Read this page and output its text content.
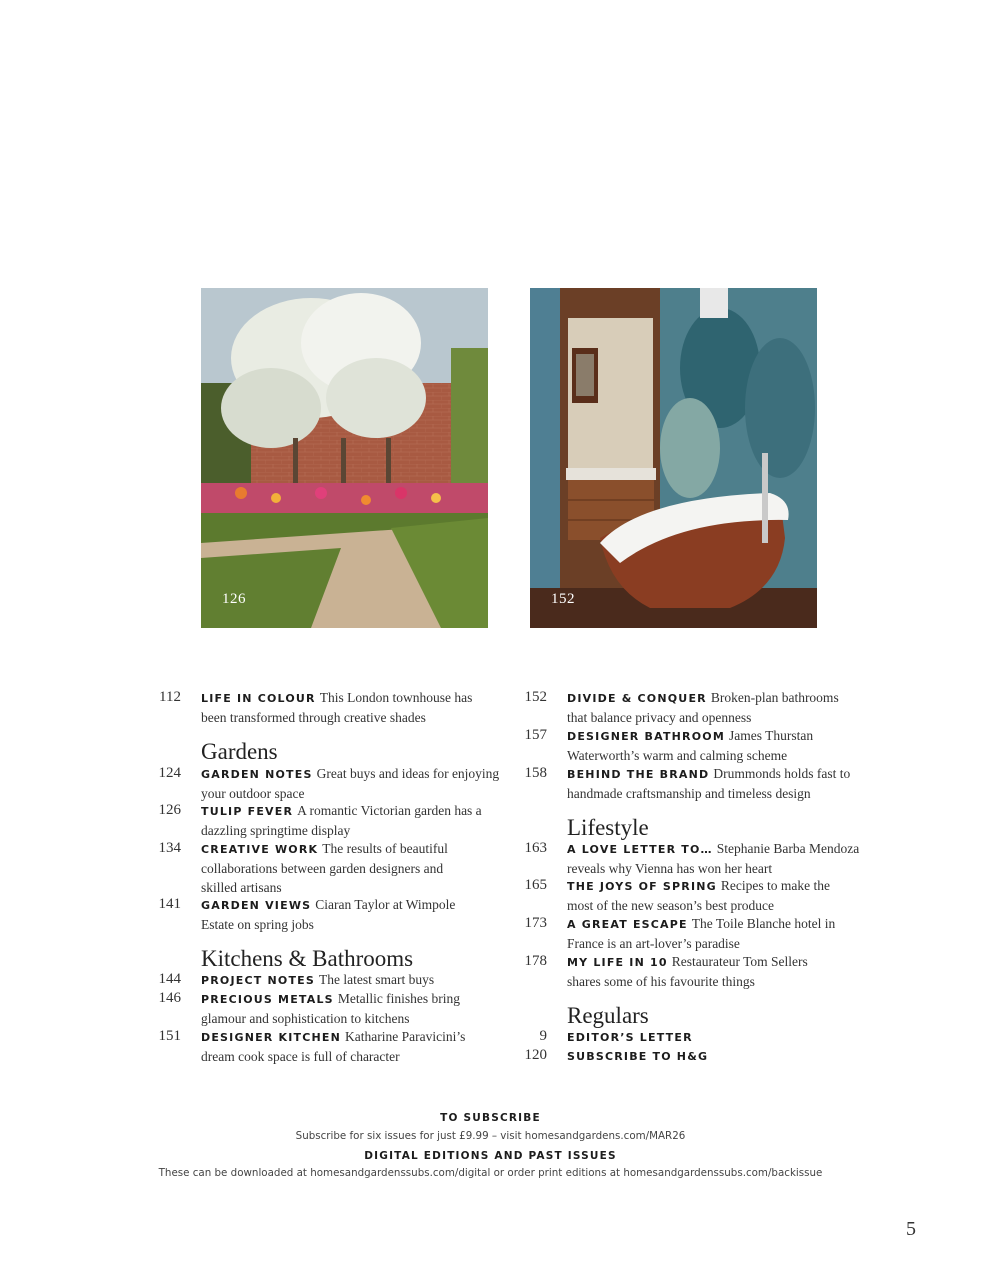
126	152
112 LIFE IN COLOUR This London townhouse has been transformed through creative shades
Gardens
124 GARDEN NOTES Great buys and ideas for enjoying your outdoor space
126 TULIP FEVER A romantic Victorian garden has a dazzling springtime display
134 CREATIVE WORK The results of beautiful collaborations between garden designers and skilled artisans
141 GARDEN VIEWS Ciaran Taylor at Wimpole Estate on spring jobs
Kitchens & Bathrooms
144 PROJECT NOTES The latest smart buys
146 PRECIOUS METALS Metallic finishes bring glamour and sophistication to kitchens
151 DESIGNER KITCHEN Katharine Paravicini’s dream cook space is full of character
152 DIVIDE & CONQUER Broken-plan bathrooms that balance privacy and openness
157 DESIGNER BATHROOM James Thurstan Waterworth’s warm and calming scheme
158 BEHIND THE BRAND Drummonds holds fast to handmade craftsmanship and timeless design
Lifestyle
163 A LOVE LETTER TO… Stephanie Barba Mendoza reveals why Vienna has won her heart
165 THE JOYS OF SPRING Recipes to make the most of the new season’s best produce
173 A GREAT ESCAPE The Toile Blanche hotel in France is an art-lover’s paradise
178 MY LIFE IN 10 Restaurateur Tom Sellers shares some of his favourite things
Regulars
9 EDITOR’S LETTER
120 SUBSCRIBE TO H&G
TO SUBSCRIBE
Subscribe for six issues for just £9.99 – visit homesandgardens.com/MAR26
DIGITAL EDITIONS AND PAST ISSUES
These can be downloaded at homesandgardenssubs.com/digital or order print editions at homesandgardenssubs.com/backissue
5
